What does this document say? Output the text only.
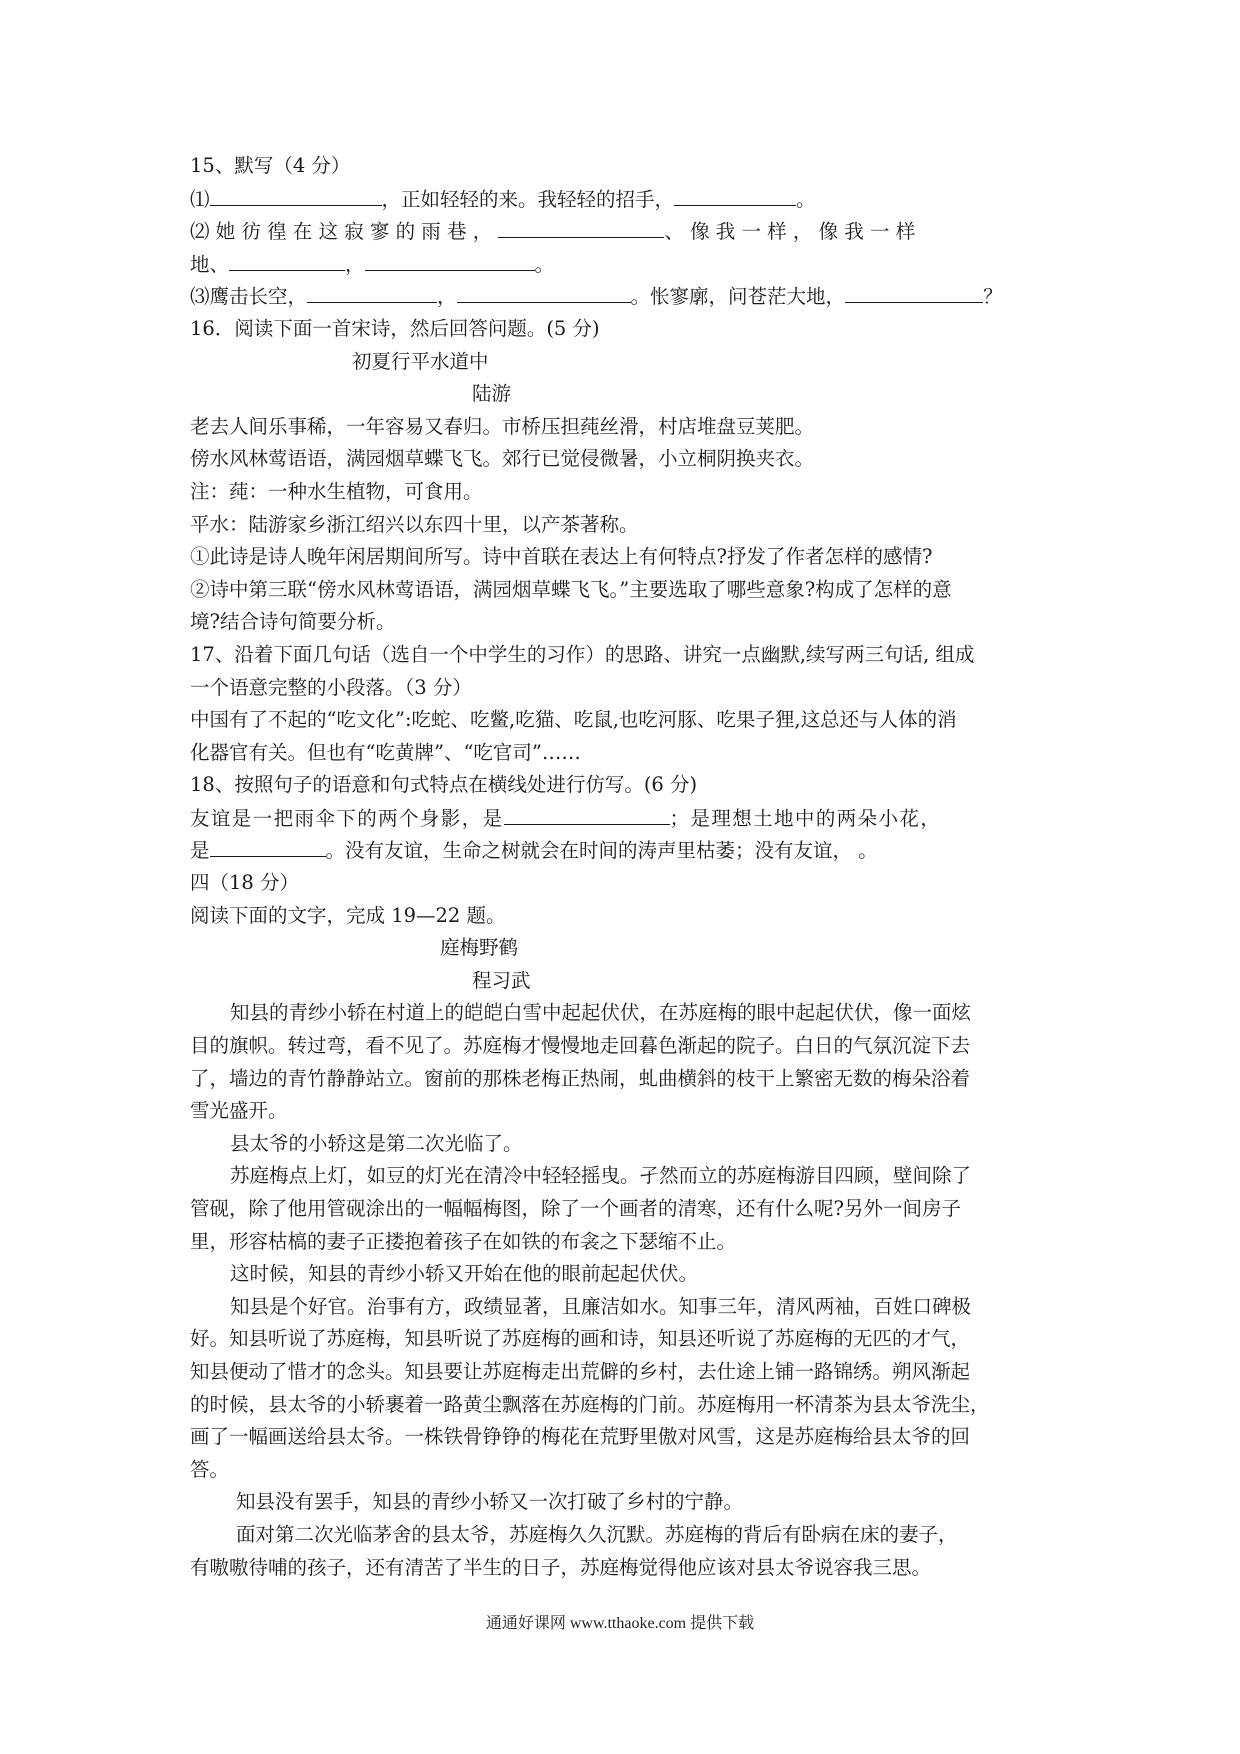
15、默写（4 分）

⑴	，正如轻轻的来。我轻轻的招手，	。

⑵她彷徨在这寂寥的雨巷，	、像我一样，像我一样

地、	，	。

⑶鹰击长空，	，	。怅寥廓，问苍茫大地，	？

16．阅读下面一首宋诗，然后回答问题。(5 分)

初夏行平水道中

陆游

老去人间乐事稀，一年容易又春归。市桥压担莼丝滑，村店堆盘豆荚肥。

傍水风林莺语语，满园烟草蝶飞飞。郊行已觉侵微暑，小立桐阴换夹衣。

注：莼：一种水生植物，可食用。

平水：陆游家乡浙江绍兴以东四十里，以产茶著称。

①此诗是诗人晚年闲居期间所写。诗中首联在表达上有何特点?抒发了作者怎样的感情?

②诗中第三联“傍水风林莺语语，满园烟草蝶飞飞。”主要选取了哪些意象?构成了怎样的意

境?结合诗句简要分析。

17、沿着下面几句话（选自一个中学生的习作）的思路、讲究一点幽默,续写两三句话, 组成

一个语意完整的小段落。（3 分）

中国有了不起的“吃文化”:吃蛇、吃鳖,吃猫、吃鼠,也吃河豚、吃果子狸,这总还与人体的消

化器官有关。但也有“吃黄牌”、“吃官司”……

18、按照句子的语意和句式特点在横线处进行仿写。(6 分)

友谊是一把雨伞下的两个身影，是	；是理想土地中的两朵小花，

是	。没有友谊，生命之树就会在时间的涛声里枯萎；没有友谊， 。

四（18 分）

阅读下面的文字，完成 19—22 题。

庭梅野鹤

程习武

知县的青纱小轿在村道上的皑皑白雪中起起伏伏，在苏庭梅的眼中起起伏伏，像一面炫

目的旗帜。转过弯，看不见了。苏庭梅才慢慢地走回暮色渐起的院子。白日的气氛沉淀下去

了，墙边的青竹静静站立。窗前的那株老梅正热闹，虬曲横斜的枝干上繁密无数的梅朵浴着

雪光盛开。

县太爷的小轿这是第二次光临了。

苏庭梅点上灯，如豆的灯光在清冷中轻轻摇曳。孑然而立的苏庭梅游目四顾，壁间除了

管砚，除了他用管砚涂出的一幅幅梅图，除了一个画者的清寒，还有什么呢?另外一间房子

里，形容枯槁的妻子正搂抱着孩子在如铁的布衾之下瑟缩不止。

这时候，知县的青纱小轿又开始在他的眼前起起伏伏。

知县是个好官。治事有方，政绩显著，且廉洁如水。知事三年，清风两袖，百姓口碑极

好。知县听说了苏庭梅，知县听说了苏庭梅的画和诗，知县还听说了苏庭梅的无匹的才气，

知县便动了惜才的念头。知县要让苏庭梅走出荒僻的乡村，去仕途上铺一路锦绣。朔风渐起

的时候，县太爷的小轿裹着一路黄尘飘落在苏庭梅的门前。苏庭梅用一杯清茶为县太爷洗尘，

画了一幅画送给县太爷。一株铁骨铮铮的梅花在荒野里傲对风雪，这是苏庭梅给县太爷的回

答。

知县没有罢手，知县的青纱小轿又一次打破了乡村的宁静。

面对第二次光临茅舍的县太爷，苏庭梅久久沉默。苏庭梅的背后有卧病在床的妻子，

有嗷嗷待哺的孩子，还有清苦了半生的日子，苏庭梅觉得他应该对县太爷说容我三思。

通通好课网 www.tthaoke.com 提供下载
